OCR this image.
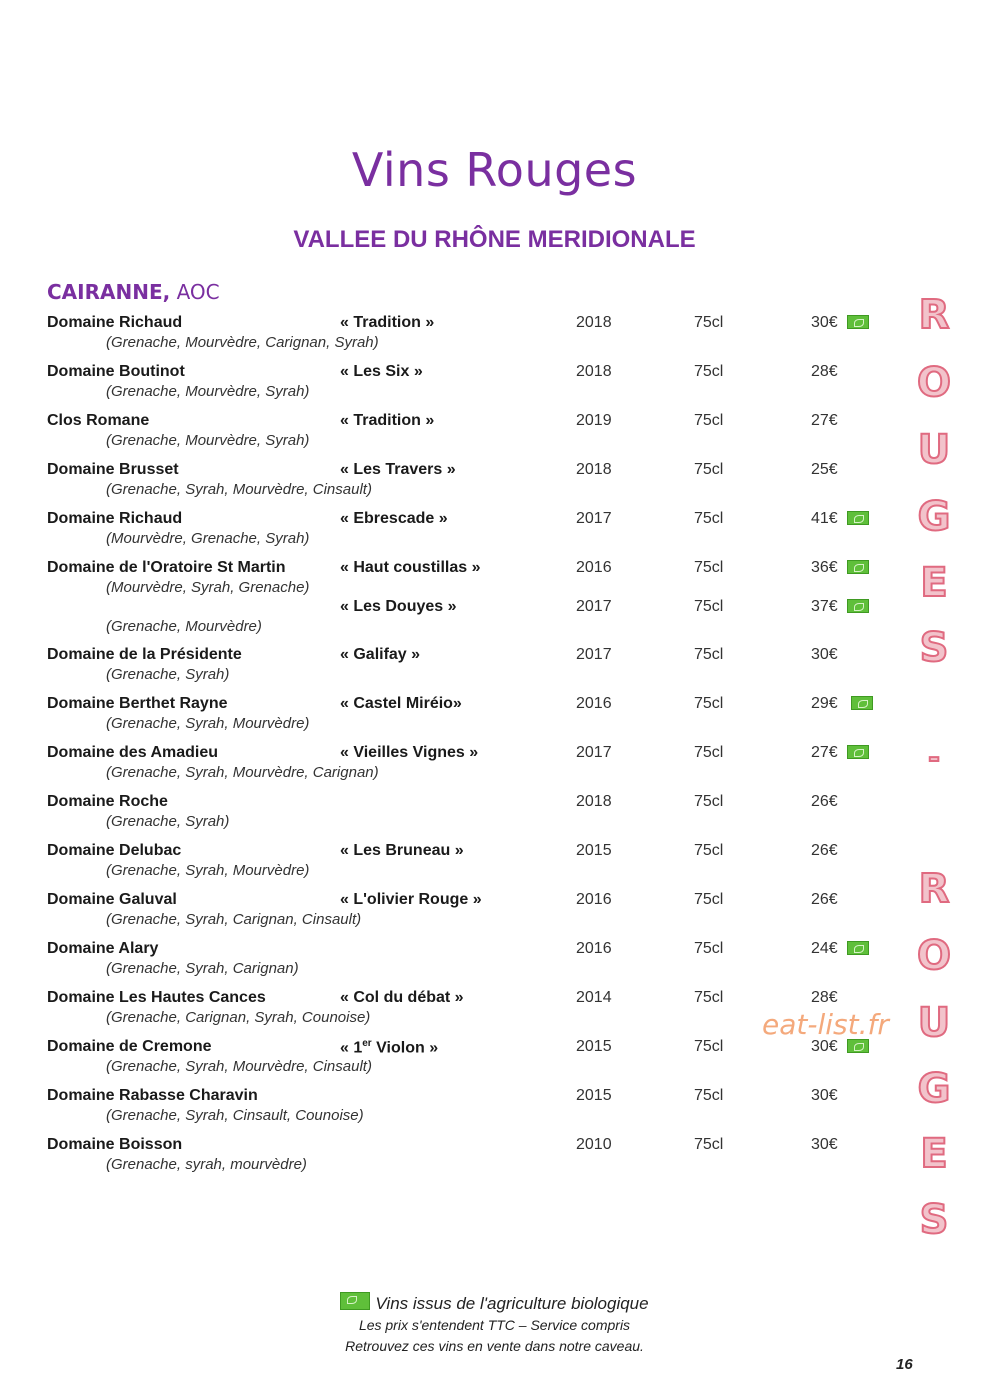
Vins Rouges
VALLEE DU RHÔNE MERIDIONALE
CAIRANNE, AOC
Domaine Richaud	« Tradition »	2018	75cl	30€
(Grenache, Mourvèdre, Carignan, Syrah)
Domaine Boutinot	« Les Six »	2018	75cl	28€
(Grenache, Mourvèdre, Syrah)
Clos Romane	« Tradition »	2019	75cl	27€
(Grenache, Mourvèdre, Syrah)
Domaine Brusset	« Les Travers »	2018	75cl	25€
(Grenache, Syrah, Mourvèdre, Cinsault)
Domaine Richaud	« Ebrescade »	2017	75cl	41€
(Mourvèdre, Grenache, Syrah)
Domaine de l'Oratoire St Martin	« Haut coustillas »	2016	75cl	36€
(Mourvèdre, Syrah, Grenache)
« Les Douyes »	2017	75cl	37€
(Grenache, Mourvèdre)
Domaine de la Présidente	« Galifay »	2017	75cl	30€
(Grenache, Syrah)
Domaine Berthet Rayne	« Castel Miréio»	2016	75cl	29€
(Grenache, Syrah, Mourvèdre)
Domaine des Amadieu	« Vieilles Vignes »	2017	75cl	27€
(Grenache, Syrah, Mourvèdre, Carignan)
Domaine Roche	2018	75cl	26€
(Grenache, Syrah)
Domaine Delubac	« Les Bruneau »	2015	75cl	26€
(Grenache, Syrah, Mourvèdre)
Domaine Galuval	« L'olivier Rouge »	2016	75cl	26€
(Grenache, Syrah, Carignan, Cinsault)
Domaine Alary	2016	75cl	24€
(Grenache, Syrah, Carignan)
Domaine Les Hautes Cances	« Col du débat »	2014	75cl	28€
(Grenache, Carignan, Syrah, Counoise)
Domaine de Cremone	« 1er Violon »	2015	75cl	30€
(Grenache, Syrah, Mourvèdre, Cinsault)
Domaine Rabasse Charavin	2015	75cl	30€
(Grenache, Syrah, Cinsault, Counoise)
Domaine Boisson	2010	75cl	30€
(Grenache, syrah, mourvèdre)
R
O
U
G
E
S
-
R
O
U
G
E
S
eat-list.fr
Vins issus de l'agriculture biologique
Les prix s'entendent TTC – Service compris
Retrouvez ces vins en vente dans notre caveau.
16
